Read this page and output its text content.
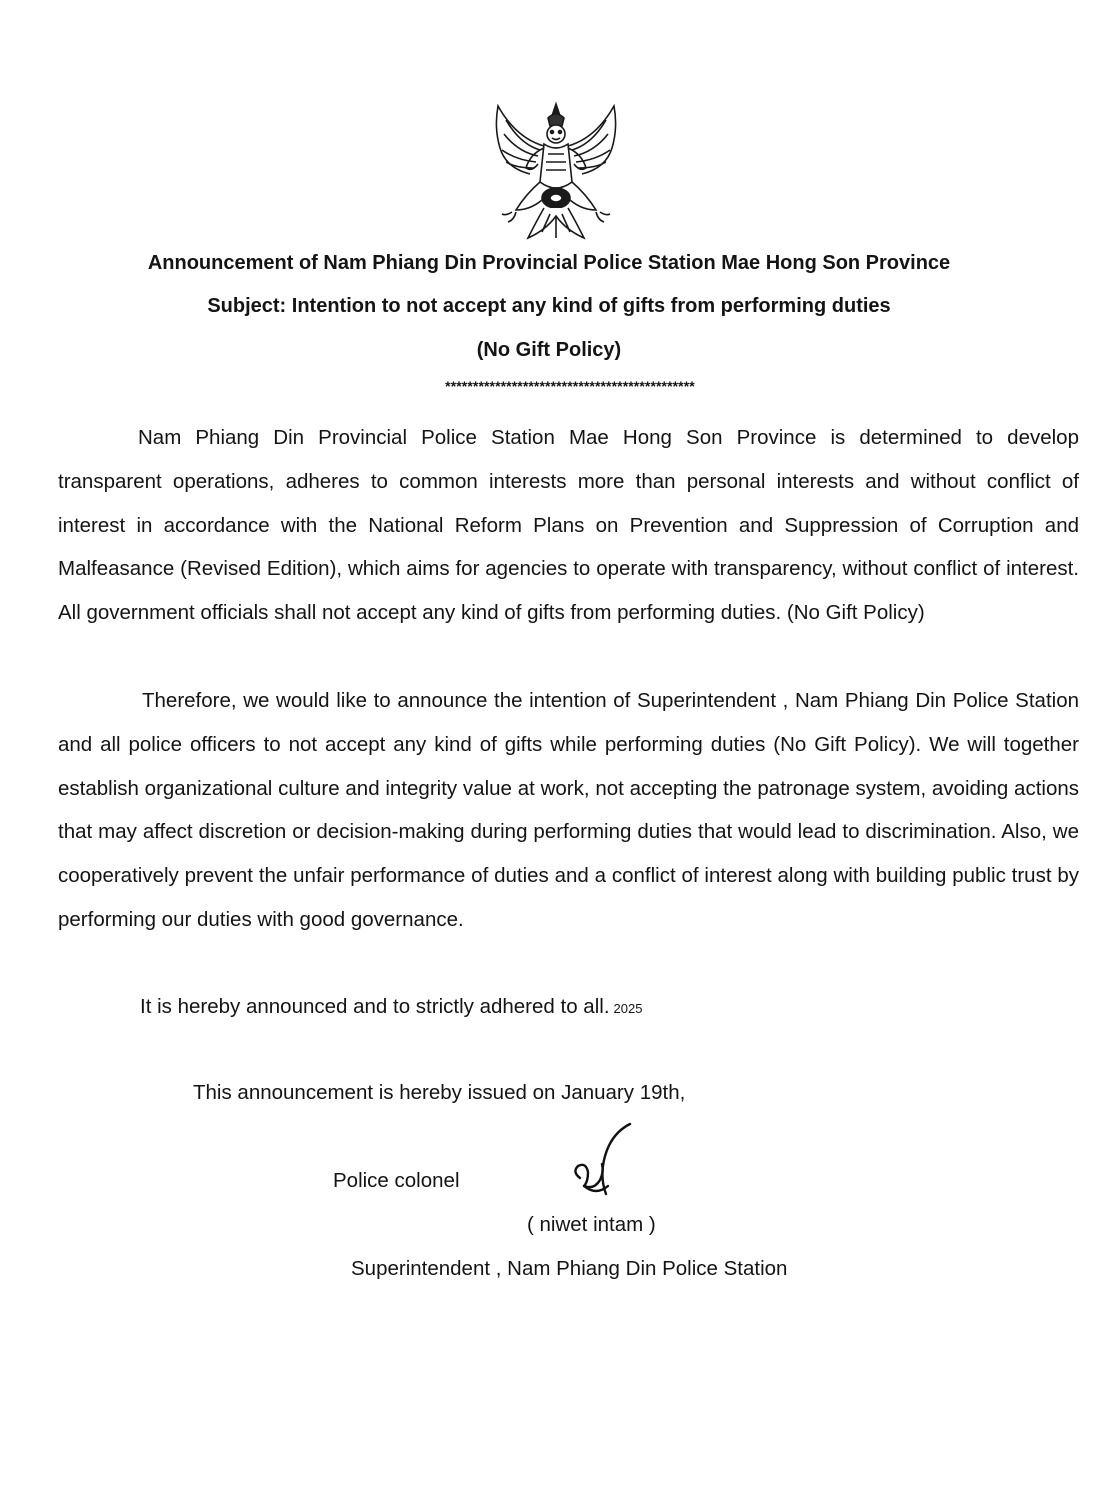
Announcement of Nam Phiang Din Provincial Police Station Mae Hong Son Province
Subject: Intention to not accept any kind of gifts from performing duties
(No Gift Policy)
*********************************************

Nam Phiang Din Provincial Police Station Mae Hong Son Province is determined to develop transparent operations, adheres to common interests more than personal interests and without conflict of interest in accordance with the National Reform Plans on Prevention and Suppression of Corruption and Malfeasance (Revised Edition), which aims for agencies to operate with transparency, without conflict of interest. All government officials shall not accept any kind of gifts from performing duties. (No Gift Policy)

Therefore, we would like to announce the intention of Superintendent , Nam Phiang Din Police Station and all police officers to not accept any kind of gifts while performing duties (No Gift Policy). We will together establish organizational culture and integrity value at work, not accepting the patronage system, avoiding actions that may affect discretion or decision-making during performing duties that would lead to discrimination. Also, we cooperatively prevent the unfair performance of duties and a conflict of interest along with building public trust by performing our duties with good governance.

It is hereby announced and to strictly adhered to all. 2025
This announcement is hereby issued on January 19th,
Police colonel
( niwet intam )
Superintendent , Nam Phiang Din Police Station
